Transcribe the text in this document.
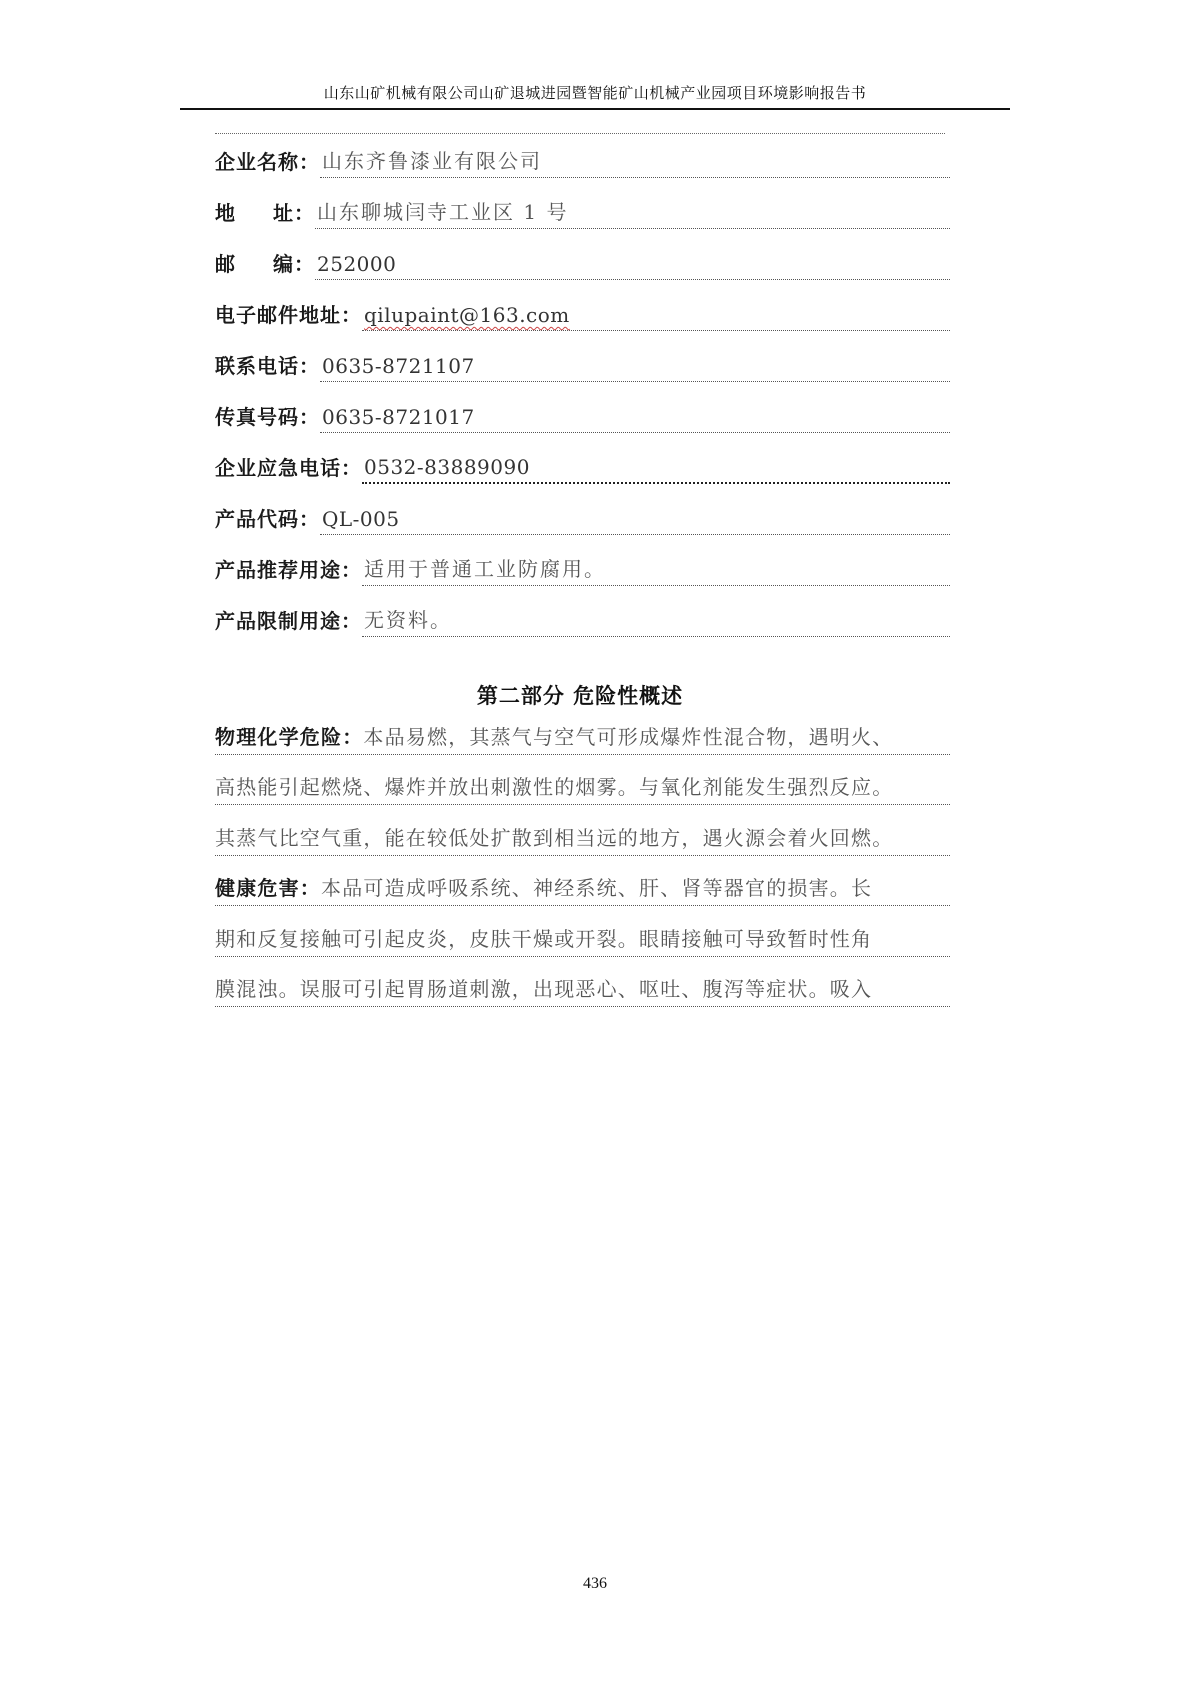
山东山矿机械有限公司山矿退城进园暨智能矿山机械产业园项目环境影响报告书
企业名称： 山东齐鲁漆业有限公司
地 址： 山东聊城闫寺工业区 1 号
邮 编： 252000
电子邮件地址： qilupaint@163.com
联系电话： 0635-8721107
传真号码： 0635-8721017
企业应急电话： 0532-83889090
产品代码： QL-005
产品推荐用途： 适用于普通工业防腐用。
产品限制用途： 无资料。
第二部分 危险性概述
物理化学危险：本品易燃，其蒸气与空气可形成爆炸性混合物，遇明火、
高热能引起燃烧、爆炸并放出刺激性的烟雾。与氧化剂能发生强烈反应。
其蒸气比空气重，能在较低处扩散到相当远的地方，遇火源会着火回燃。
健康危害：本品可造成呼吸系统、神经系统、肝、肾等器官的损害。长
期和反复接触可引起皮炎，皮肤干燥或开裂。眼睛接触可导致暂时性角
膜混浊。误服可引起胃肠道刺激，出现恶心、呕吐、腹泻等症状。吸入
436
